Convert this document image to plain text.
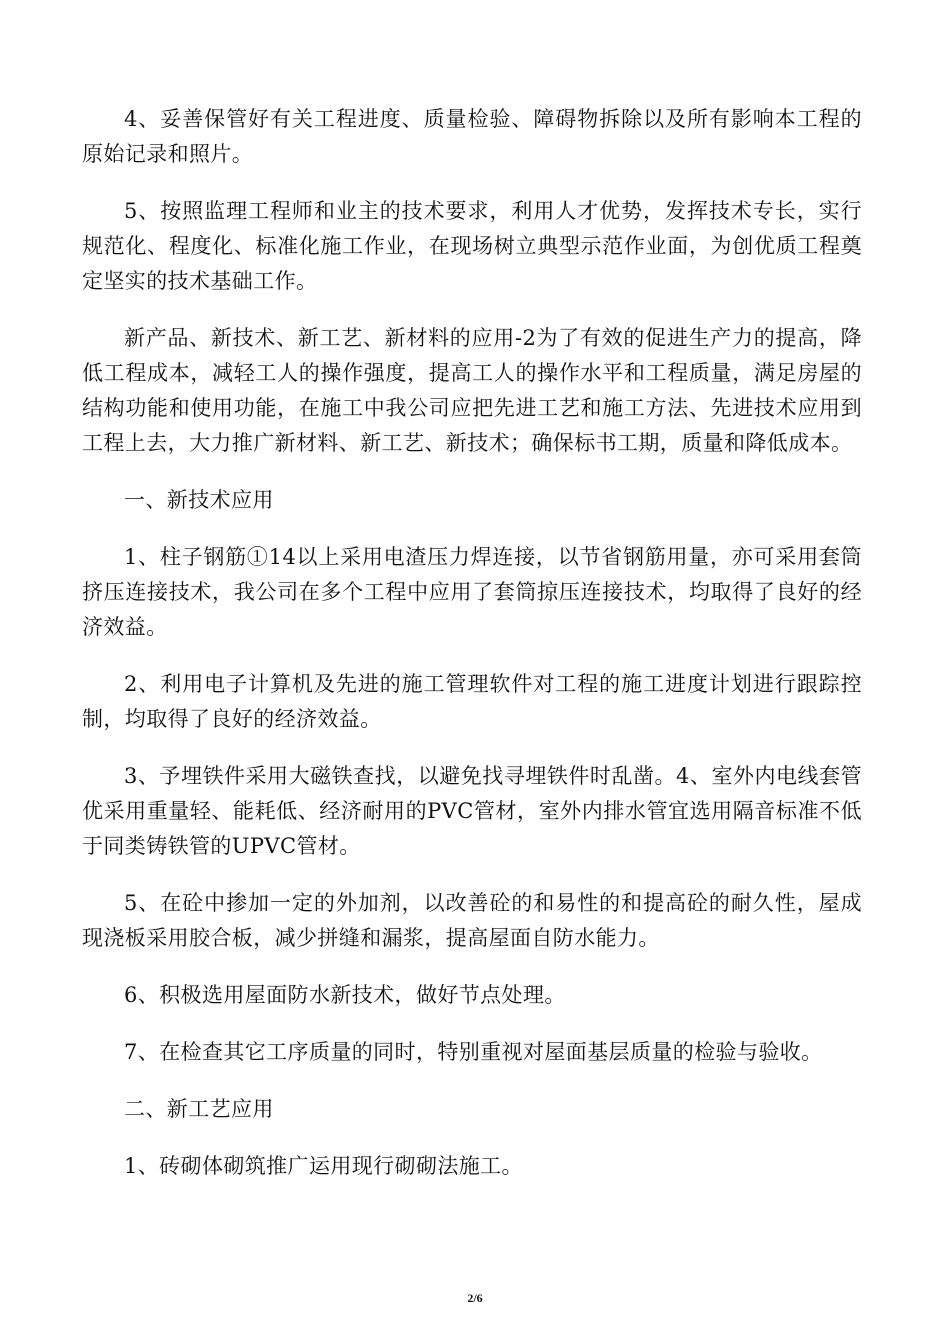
4、妥善保管好有关工程进度、质量检验、障碍物拆除以及所有影响本工程的原始记录和照片。

5、按照监理工程师和业主的技术要求，利用人才优势，发挥技术专长，实行规范化、程度化、标准化施工作业，在现场树立典型示范作业面，为创优质工程奠定坚实的技术基础工作。

新产品、新技术、新工艺、新材料的应用-2为了有效的促进生产力的提高，降低工程成本，减轻工人的操作强度，提高工人的操作水平和工程质量，满足房屋的结构功能和使用功能，在施工中我公司应把先进工艺和施工方法、先进技术应用到工程上去，大力推广新材料、新工艺、新技术；确保标书工期，质量和降低成本。

一、新技术应用

1、柱子钢筋①14以上采用电渣压力焊连接，以节省钢筋用量，亦可采用套筒挤压连接技术，我公司在多个工程中应用了套筒掠压连接技术，均取得了良好的经济效益。

2、利用电子计算机及先进的施工管理软件对工程的施工进度计划进行跟踪控制，均取得了良好的经济效益。

3、予埋铁件采用大磁铁查找，以避免找寻埋铁件时乱凿。4、室外内电线套管优采用重量轻、能耗低、经济耐用的PVC管材，室外内排水管宜选用隔音标准不低于同类铸铁管的UPVC管材。

5、在砼中掺加一定的外加剂，以改善砼的和易性的和提高砼的耐久性，屋成现浇板采用胶合板，减少拼缝和漏浆，提高屋面自防水能力。

6、积极选用屋面防水新技术，做好节点处理。

7、在检查其它工序质量的同时，特别重视对屋面基层质量的检验与验收。

二、新工艺应用

1、砖砌体砌筑推广运用现行砌砌法施工。

2/6
